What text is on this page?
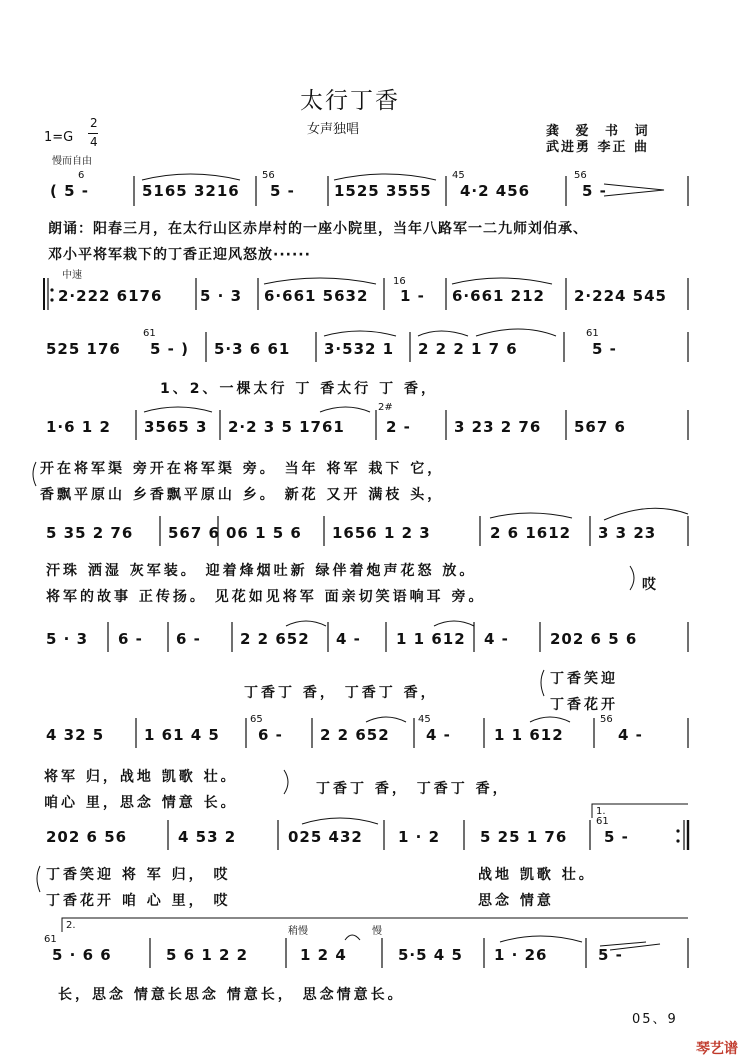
太行丁香
女声独唱	龚 爱 书 词
武进勇 李正 曲
1=G
2
4
慢而自由
6	56	45	56
( 5 -	5165 3216 5 -	1525 3555 4·2 456	5 -
朗诵：阳春三月，在太行山区赤岸村的一座小院里，当年八路军一二九师刘伯承、
邓小平将军栽下的丁香正迎风怒放······
中速
16
2·222 6176	5 · 3 6·661 5632 1 - 6·661 212 2·224 545
61	61
525 176 5 - ) 5·3 6 61 3·532 1 2 2 2 1 7 6	5 -
1、2、一棵太行 丁 香太行 丁 香，
2#
1·6 1 2 3565 3 2·2 3 5 1761	2 -	3 23 2 76 567 6
开在将军渠 旁开在将军渠 旁。 当年 将军 栽下 它，
香飘平原山 乡香飘平原山 乡。 新花 又开 满枝 头，
5 35 2 76 567 6 06 1 5 6 1656 1 2 3	2 6 1612 3 3 23
汗珠 洒湿 灰军装。 迎着烽烟吐新 绿伴着炮声花怒 放。
将军的故事 正传扬。 见花如见将军 面亲切笑语响耳 旁。
哎
5 · 3 6 - 6 -	2 2 652 4 - 1 1 612 4 -	202 6 5 6
丁香丁 香， 丁香丁 香，
丁香笑迎
丁香花开
65	45	56
4 32 5	1 61 4 5	6 - 2 2 652 4 -	1 1 612	4 -
将军 归，战地 凯歌 壮。
咱心 里，思念 情意 长。
丁香丁 香， 丁香丁 香，
1.
61
202 6 56	4 53 2	025 432 1 · 2	5 25 1 76 5 -
丁香笑迎 将 军 归， 哎
丁香花开 咱 心 里， 哎
战地 凯歌 壮。
思念 情意
2.
稍慢	慢
61
5 · 6 6	5 6 1 2 2	1 2 4	5·5 4 5 1 · 26	5 -
长，思念 情意长思念 情意长， 思念情意长。
05、9
琴艺谱
